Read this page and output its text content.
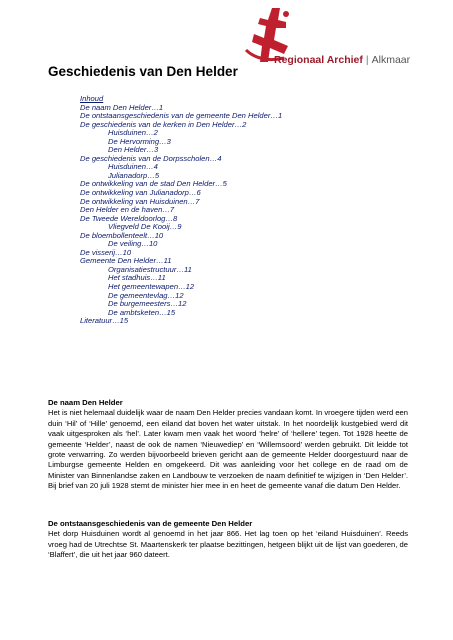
Regionaal Archief | Alkmaar
Geschiedenis van Den Helder
Inhoud
De naam Den Helder…1
De ontstaansgeschiedenis van de gemeente Den Helder…1
De geschiedenis van de kerken in Den Helder…2
Huisduinen…2
De Hervorming…3
Den Helder…3
De geschiedenis van de Dorpsscholen…4
Huisduinen…4
Julianadorp…5
De ontwikkeling van de stad Den Helder…5
De ontwikkeling van Julianadorp…6
De ontwikkeling van Huisduinen…7
Den Helder en de haven…7
De Tweede Wereldoorlog…8
Vliegveld De Kooij…9
De bloembollenteelt…10
De veiling…10
De visserij…10
Gemeente Den Helder…11
Organisatiestructuur…11
Het stadhuis…11
Het gemeentewapen…12
De gemeentevlag…12
De burgemeesters…12
De ambtsketen…15
Literatuur…15
De naam Den Helder

Het is niet helemaal duidelijk waar de naam Den Helder precies vandaan komt. In vroegere tijden werd een duin ‘Hil’ of ‘Hille’ genoemd, een eiland dat boven het water uitstak. In het noordelijk kustgebied werd dit vaak uitgesproken als ‘hel’. Later kwam men vaak het woord ‘helre’ of ‘hellere’ tegen. Tot 1928 heette de gemeente ‘Helder’, naast de ook de namen ‘Nieuwediep’ en ‘Willemsoord’ werden gebruikt. Dit leidde tot grote verwarring. Zo werden bijvoorbeeld brieven gericht aan de gemeente Helder doorgestuurd naar de Limburgse gemeente Helden en omgekeerd. Dit was aanleiding voor het college en de raad om de Minister van Binnenlandse zaken en Landbouw te verzoeken de naam definitief te wijzigen in ‘Den Helder’. Bij brief van 20 juli 1928 stemt de minister hier mee in en heet de gemeente vanaf die datum Den Helder.

De ontstaansgeschiedenis van de gemeente Den Helder

Het dorp Huisduinen wordt al genoemd in het jaar 866. Het lag toen op het ‘eiland Huisduinen’. Reeds vroeg had de Utrechtse St. Maartenskerk ter plaatse bezittingen, hetgeen blijkt uit de lijst van goederen, de ‘Blaffert’, die uit het jaar 960 dateert.
